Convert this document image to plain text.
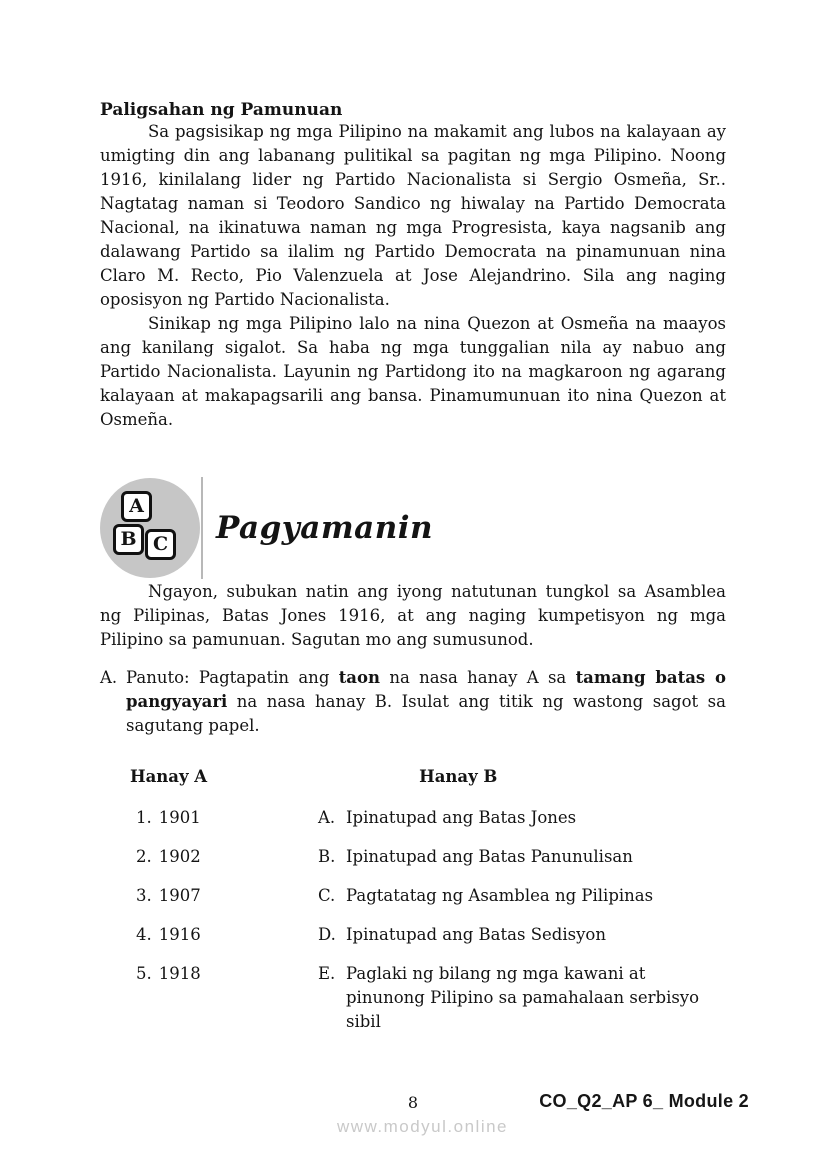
Paligsahan ng Pamunuan

Sa pagsisikap ng mga Pilipino na makamit ang lubos na kalayaan ay umigting din ang labanang pulitikal sa pagitan ng mga Pilipino. Noong 1916, kinilalang lider ng Partido Nacionalista si Sergio Osmeña, Sr.. Nagtatag naman si Teodoro Sandico ng hiwalay na Partido Democrata Nacional, na ikinatuwa naman ng mga Progresista, kaya nagsanib ang dalawang Partido sa ilalim ng Partido Democrata na pinamunuan nina Claro M. Recto, Pio Valenzuela at Jose Alejandrino. Sila ang naging oposisyon ng Partido Nacionalista.

Sinikap ng mga Pilipino lalo na nina Quezon at Osmeña na maayos ang kanilang sigalot. Sa haba ng mga tunggalian nila ay nabuo ang Partido Nacionalista. Layunin ng Partidong ito na magkaroon ng agarang kalayaan at makapagsarili ang bansa. Pinamumunuan ito nina Quezon at Osmeña.

A
B C Pagyamanin

Ngayon, subukan natin ang iyong natutunan tungkol sa Asamblea ng Pilipinas, Batas Jones 1916, at ang naging kumpetisyon ng mga Pilipino sa pamunuan. Sagutan mo ang sumusunod.

A. Panuto: Pagtapatin ang taon na nasa hanay A sa tamang batas o pangyayari na nasa hanay B. Isulat ang titik ng wastong sagot sa sagutang papel.
Hanay A	Hanay B
1. 1901	A. Ipinatupad ang Batas Jones
2. 1902	B. Ipinatupad ang Batas Panunulisan
3. 1907	C. Pagtatatag ng Asamblea ng Pilipinas
4. 1916	D. Ipinatupad ang Batas Sedisyon
5. 1918	E. Paglaki ng bilang ng mga kawani at pinunong Pilipino sa pamahalaan serbisyo sibil
8	CO_Q2_AP 6_ Module 2
www.modyul.online
